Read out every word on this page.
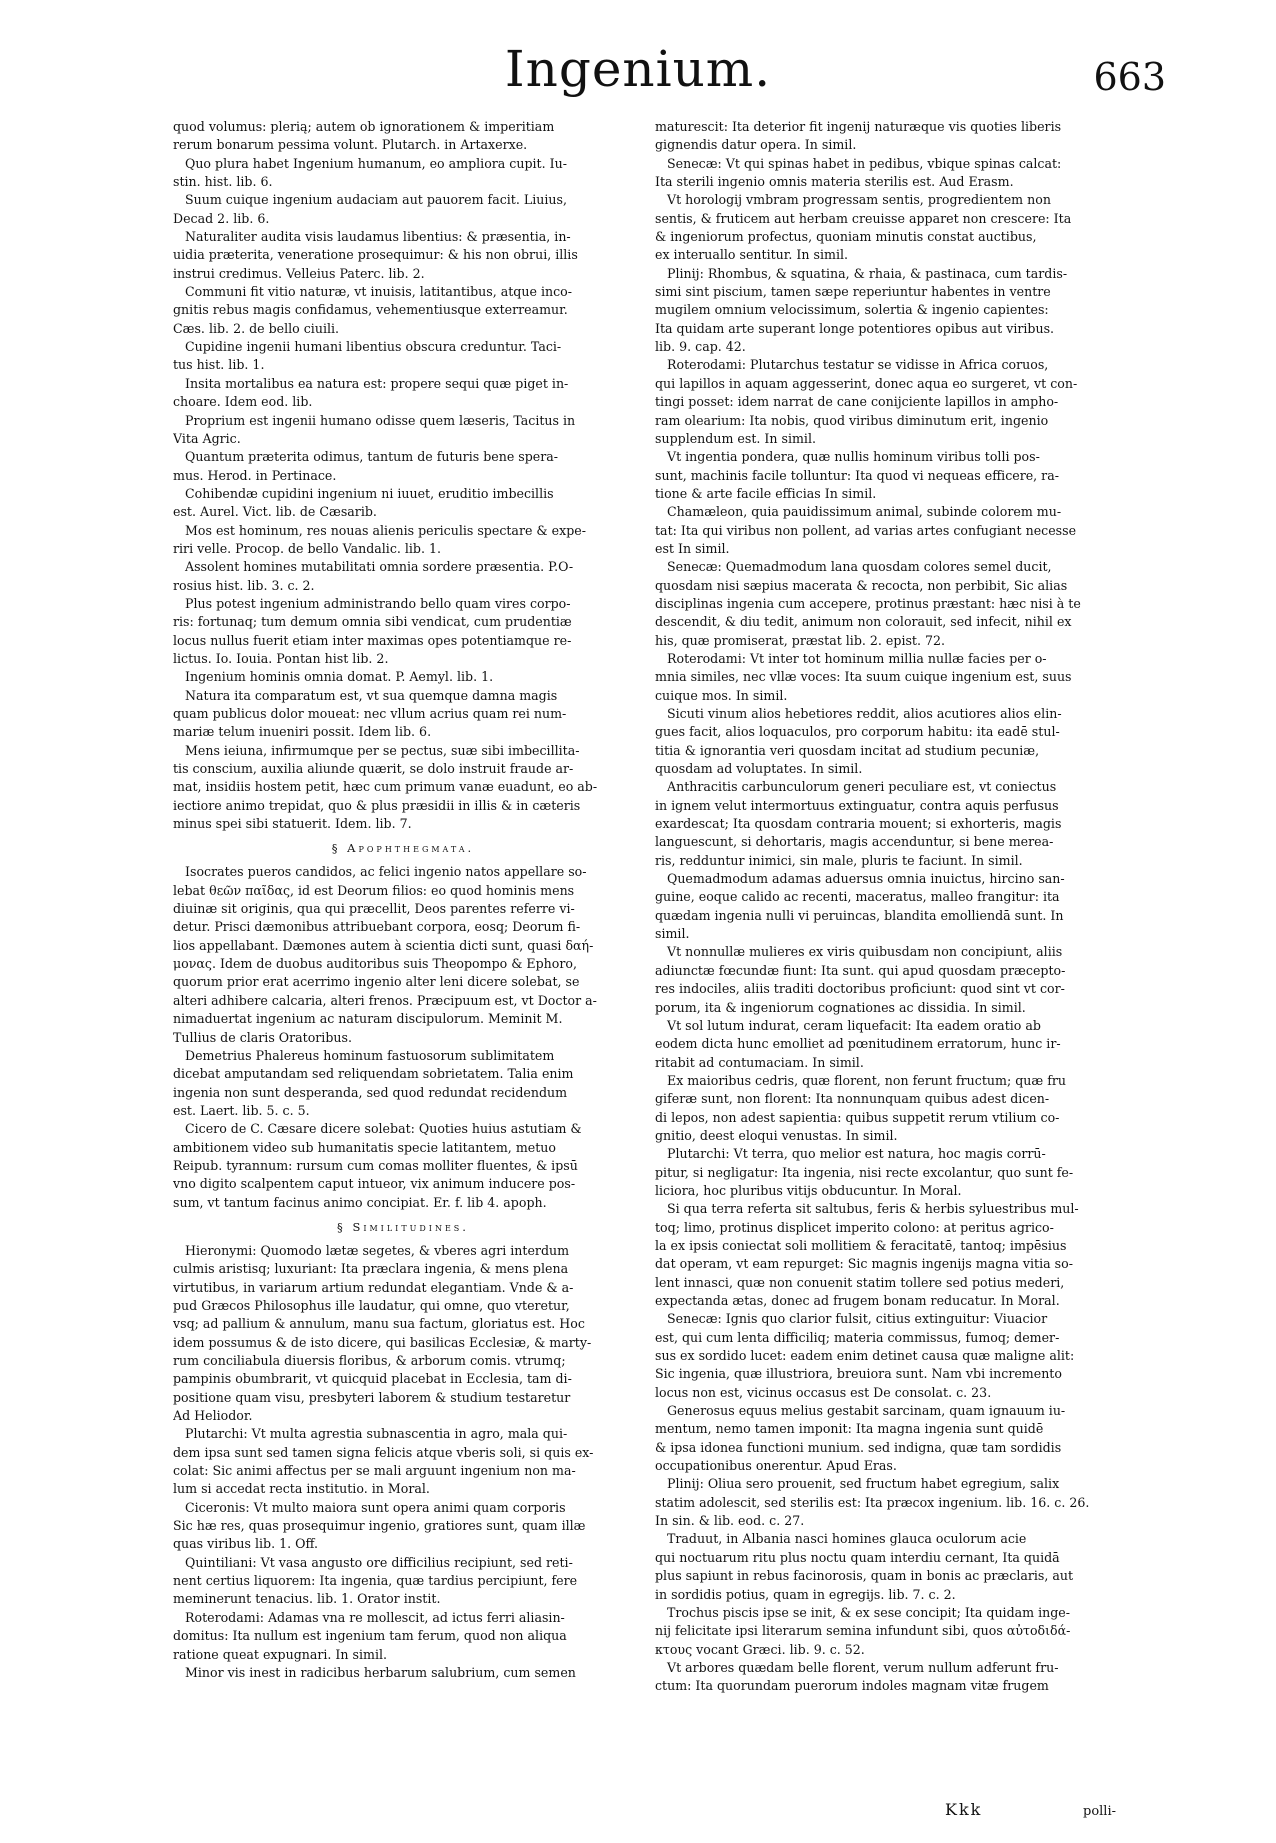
Ingenium.	663
quod volumus: plerią; autem ob ignorationem & imperitiam
rerum bonarum pessima volunt. Plutarch. in Artaxerxe.
Quo plura habet Ingenium humanum, eo ampliora cupit. Iu-
stin. hist. lib. 6.
Suum cuique ingenium audaciam aut pauorem facit. Liuius,
Decad 2. lib. 6.
Naturaliter audita visis laudamus libentius: & præsentia, in-
uidia præterita, veneratione prosequimur: & his non obrui, illis
instrui credimus. Velleius Paterc. lib. 2.
Communi fit vitio naturæ, vt inuisis, latitantibus, atque inco-
gnitis rebus magis confidamus, vehementiusque exterreamur.
Cæs. lib. 2. de bello ciuili.
Cupidine ingenii humani libentius obscura creduntur. Taci-
tus hist. lib. 1.
Insita mortalibus ea natura est: propere sequi quæ piget in-
choare. Idem eod. lib.
Proprium est ingenii humano odisse quem læseris, Tacitus in
Vita Agric.
Quantum præterita odimus, tantum de futuris bene spera-
mus. Herod. in Pertinace.
Cohibendæ cupidini ingenium ni iuuet, eruditio imbecillis
est. Aurel. Vict. lib. de Cæsarib.
Mos est hominum, res nouas alienis periculis spectare & expe-
riri velle. Procop. de bello Vandalic. lib. 1.
Assolent homines mutabilitati omnia sordere præsentia. P.O-
rosius hist. lib. 3. c. 2.
Plus potest ingenium administrando bello quam vires corpo-
ris: fortunaq; tum demum omnia sibi vendicat, cum prudentiæ
locus nullus fuerit etiam inter maximas opes potentiamque re-
lictus. Io. Iouia. Pontan hist lib. 2.
Ingenium hominis omnia domat. P. Aemyl. lib. 1.
Natura ita comparatum est, vt sua quemque damna magis
quam publicus dolor moueat: nec vllum acrius quam rei num-
mariæ telum inueniri possit. Idem lib. 6.
Mens ieiuna, infirmumque per se pectus, suæ sibi imbecillita-
tis conscium, auxilia aliunde quærit, se dolo instruit fraude ar-
mat, insidiis hostem petit, hæc cum primum vanæ euadunt, eo ab-
iectiore animo trepidat, quo & plus præsidii in illis & in cæteris
minus spei sibi statuerit. Idem. lib. 7.
§ Apophthegmata.
Isocrates pueros candidos, ac felici ingenio natos appellare so-
lebat θεῶν παῖδας, id est Deorum filios: eo quod hominis mens
diuinæ sit originis, qua qui præcellit, Deos parentes referre vi-
detur. Prisci dæmonibus attribuebant corpora, eosq; Deorum fi-
lios appellabant. Dæmones autem à scientia dicti sunt, quasi δαή-
μονας. Idem de duobus auditoribus suis Theopompo & Ephoro,
quorum prior erat acerrimo ingenio alter leni dicere solebat, se
alteri adhibere calcaria, alteri frenos. Præcipuum est, vt Doctor a-
nimaduertat ingenium ac naturam discipulorum. Meminit M.
Tullius de claris Oratoribus.
Demetrius Phalereus hominum fastuosorum sublimitatem
dicebat amputandam sed reliquendam sobrietatem. Talia enim
ingenia non sunt desperanda, sed quod redundat recidendum
est. Laert. lib. 5. c. 5.
Cicero de C. Cæsare dicere solebat: Quoties huius astutiam &
ambitionem video sub humanitatis specie latitantem, metuo
Reipub. tyrannum: rursum cum comas molliter fluentes, & ipsū
vno digito scalpentem caput intueor, vix animum inducere pos-
sum, vt tantum facinus animo concipiat. Er. f. lib 4. apoph.
§ Similitudines.
Hieronymi: Quomodo lætæ segetes, & vberes agri interdum
culmis aristisq; luxuriant: Ita præclara ingenia, & mens plena
virtutibus, in variarum artium redundat elegantiam. Vnde & a-
pud Græcos Philosophus ille laudatur, qui omne, quo vteretur,
vsq; ad pallium & annulum, manu sua factum, gloriatus est. Hoc
idem possumus & de isto dicere, qui basilicas Ecclesiæ, & marty-
rum conciliabula diuersis floribus, & arborum comis. vtrumq;
pampinis obumbrarit, vt quicquid placebat in Ecclesia, tam di-
positione quam visu, presbyteri laborem & studium testaretur
Ad Heliodor.
Plutarchi: Vt multa agrestia subnascentia in agro, mala qui-
dem ipsa sunt sed tamen signa felicis atque vberis soli, si quis ex-
colat: Sic animi affectus per se mali arguunt ingenium non ma-
lum si accedat recta institutio. in Moral.
Ciceronis: Vt multo maiora sunt opera animi quam corporis
Sic hæ res, quas prosequimur ingenio, gratiores sunt, quam illæ
quas viribus lib. 1. Off.
Quintiliani: Vt vasa angusto ore difficilius recipiunt, sed reti-
nent certius liquorem: Ita ingenia, quæ tardius percipiunt, fere
meminerunt tenacius. lib. 1. Orator instit.
Roterodami: Adamas vna re mollescit, ad ictus ferri aliasin-
domitus: Ita nullum est ingenium tam ferum, quod non aliqua
ratione queat expugnari. In simil.
Minor vis inest in radicibus herbarum salubrium, cum semen
maturescit: Ita deterior fit ingenij naturæque vis quoties liberis
gignendis datur opera. In simil.
Senecæ: Vt qui spinas habet in pedibus, vbique spinas calcat:
Ita sterili ingenio omnis materia sterilis est. Aud Erasm.
Vt horologij vmbram progressam sentis, progredientem non
sentis, & fruticem aut herbam creuisse apparet non crescere: Ita
& ingeniorum profectus, quoniam minutis constat auctibus,
ex interuallo sentitur. In simil.
Plinij: Rhombus, & squatina, & rhaia, & pastinaca, cum tardis-
simi sint piscium, tamen sæpe reperiuntur habentes in ventre
mugilem omnium velocissimum, solertia & ingenio capientes:
Ita quidam arte superant longe potentiores opibus aut viribus.
lib. 9. cap. 42.
Roterodami: Plutarchus testatur se vidisse in Africa coruos,
qui lapillos in aquam aggesserint, donec aqua eo surgeret, vt con-
tingi posset: idem narrat de cane conijciente lapillos in ampho-
ram olearium: Ita nobis, quod viribus diminutum erit, ingenio
supplendum est. In simil.
Vt ingentia pondera, quæ nullis hominum viribus tolli pos-
sunt, machinis facile tolluntur: Ita quod vi nequeas efficere, ra-
tione & arte facile efficias In simil.
Chamæleon, quia pauidissimum animal, subinde colorem mu-
tat: Ita qui viribus non pollent, ad varias artes confugiant necesse
est In simil.
Senecæ: Quemadmodum lana quosdam colores semel ducit,
quosdam nisi sæpius macerata & recocta, non perbibit, Sic alias
disciplinas ingenia cum accepere, protinus præstant: hæc nisi à te
descendit, & diu tedit, animum non colorauit, sed infecit, nihil ex
his, quæ promiserat, præstat lib. 2. epist. 72.
Roterodami: Vt inter tot hominum millia nullæ facies per o-
mnia similes, nec vllæ voces: Ita suum cuique ingenium est, suus
cuique mos. In simil.
Sicuti vinum alios hebetiores reddit, alios acutiores alios elin-
gues facit, alios loquaculos, pro corporum habitu: ita eadē stul-
titia & ignorantia veri quosdam incitat ad studium pecuniæ,
quosdam ad voluptates. In simil.
Anthracitis carbunculorum generi peculiare est, vt coniectus
in ignem velut intermortuus extinguatur, contra aquis perfusus
exardescat; Ita quosdam contraria mouent; si exhorteris, magis
languescunt, si dehortaris, magis accenduntur, si bene merea-
ris, redduntur inimici, sin male, pluris te faciunt. In simil.
Quemadmodum adamas aduersus omnia inuictus, hircino san-
guine, eoque calido ac recenti, maceratus, malleo frangitur: ita
quædam ingenia nulli vi peruincas, blandita emolliendā sunt. In
simil.
Vt nonnullæ mulieres ex viris quibusdam non concipiunt, aliis
adiunctæ fœcundæ fiunt: Ita sunt. qui apud quosdam præcepto-
res indociles, aliis traditi doctoribus proficiunt: quod sint vt cor-
porum, ita & ingeniorum cognationes ac dissidia. In simil.
Vt sol lutum indurat, ceram liquefacit: Ita eadem oratio ab
eodem dicta hunc emolliet ad pœnitudinem erratorum, hunc ir-
ritabit ad contumaciam. In simil.
Ex maioribus cedris, quæ florent, non ferunt fructum; quæ fru
giferæ sunt, non florent: Ita nonnunquam quibus adest dicen-
di lepos, non adest sapientia: quibus suppetit rerum vtilium co-
gnitio, deest eloqui venustas. In simil.
Plutarchi: Vt terra, quo melior est natura, hoc magis corrū-
pitur, si negligatur: Ita ingenia, nisi recte excolantur, quo sunt fe-
liciora, hoc pluribus vitijs obducuntur. In Moral.
Si qua terra referta sit saltubus, feris & herbis syluestribus mul-
toq; limo, protinus displicet imperito colono: at peritus agrico-
la ex ipsis coniectat soli mollitiem & feracitatē, tantoq; impēsius
dat operam, vt eam repurget: Sic magnis ingenijs magna vitia so-
lent innasci, quæ non conuenit statim tollere sed potius mederi,
expectanda ætas, donec ad frugem bonam reducatur. In Moral.
Senecæ: Ignis quo clarior fulsit, citius extinguitur: Viuacior
est, qui cum lenta difficiliq; materia commissus, fumoq; demer-
sus ex sordido lucet: eadem enim detinet causa quæ maligne alit:
Sic ingenia, quæ illustriora, breuiora sunt. Nam vbi incremento
locus non est, vicinus occasus est De consolat. c. 23.
Generosus equus melius gestabit sarcinam, quam ignauum iu-
mentum, nemo tamen imponit: Ita magna ingenia sunt quidē
& ipsa idonea functioni munium. sed indigna, quæ tam sordidis
occupationibus onerentur. Apud Eras.
Plinij: Oliua sero prouenit, sed fructum habet egregium, salix
statim adolescit, sed sterilis est: Ita præcox ingenium. lib. 16. c. 26.
In sin. & lib. eod. c. 27.
Traduut, in Albania nasci homines glauca oculorum acie
qui noctuarum ritu plus noctu quam interdiu cernant, Ita quidā
plus sapiunt in rebus facinorosis, quam in bonis ac præclaris, aut
in sordidis potius, quam in egregijs. lib. 7. c. 2.
Trochus piscis ipse se init, & ex sese concipit; Ita quidam inge-
nij felicitate ipsi literarum semina infundunt sibi, quos αὐτοδιδά-
κτους vocant Græci. lib. 9. c. 52.
Vt arbores quædam belle florent, verum nullum adferunt fru-
ctum: Ita quorundam puerorum indoles magnam vitæ frugem
Kkk	polli-
